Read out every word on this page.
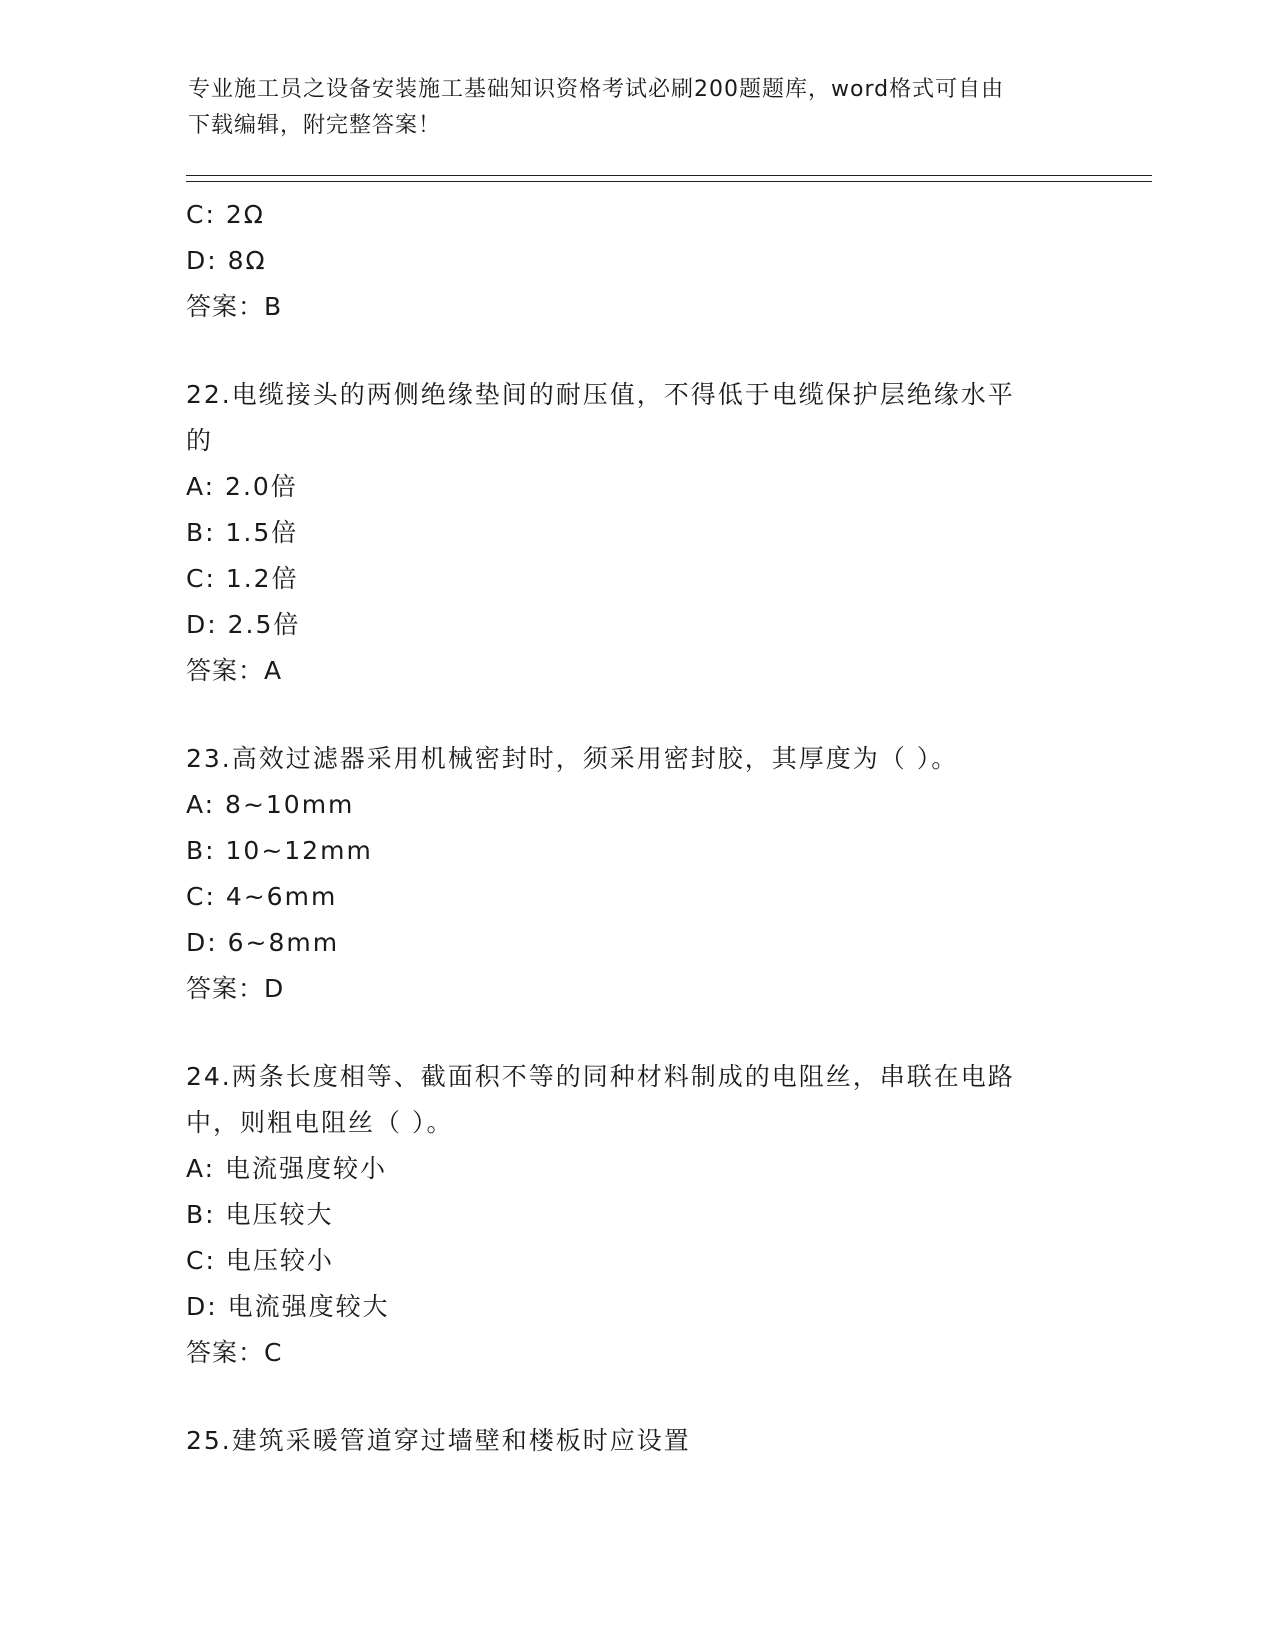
专业施工员之设备安装施工基础知识资格考试必刷200题题库，word格式可自由
下载编辑，附完整答案！
C: 2Ω
D: 8Ω
答案：B
22.电缆接头的两侧绝缘垫间的耐压值，不得低于电缆保护层绝缘水平
的
A: 2.0倍
B: 1.5倍
C: 1.2倍
D: 2.5倍
答案：A
23.高效过滤器采用机械密封时，须采用密封胶，其厚度为（ ）。
A: 8~10mm
B: 10~12mm
C: 4~6mm
D: 6~8mm
答案：D
24.两条长度相等、截面积不等的同种材料制成的电阻丝，串联在电路
中，则粗电阻丝（ ）。
A: 电流强度较小
B: 电压较大
C: 电压较小
D: 电流强度较大
答案：C
25.建筑采暖管道穿过墙壁和楼板时应设置
